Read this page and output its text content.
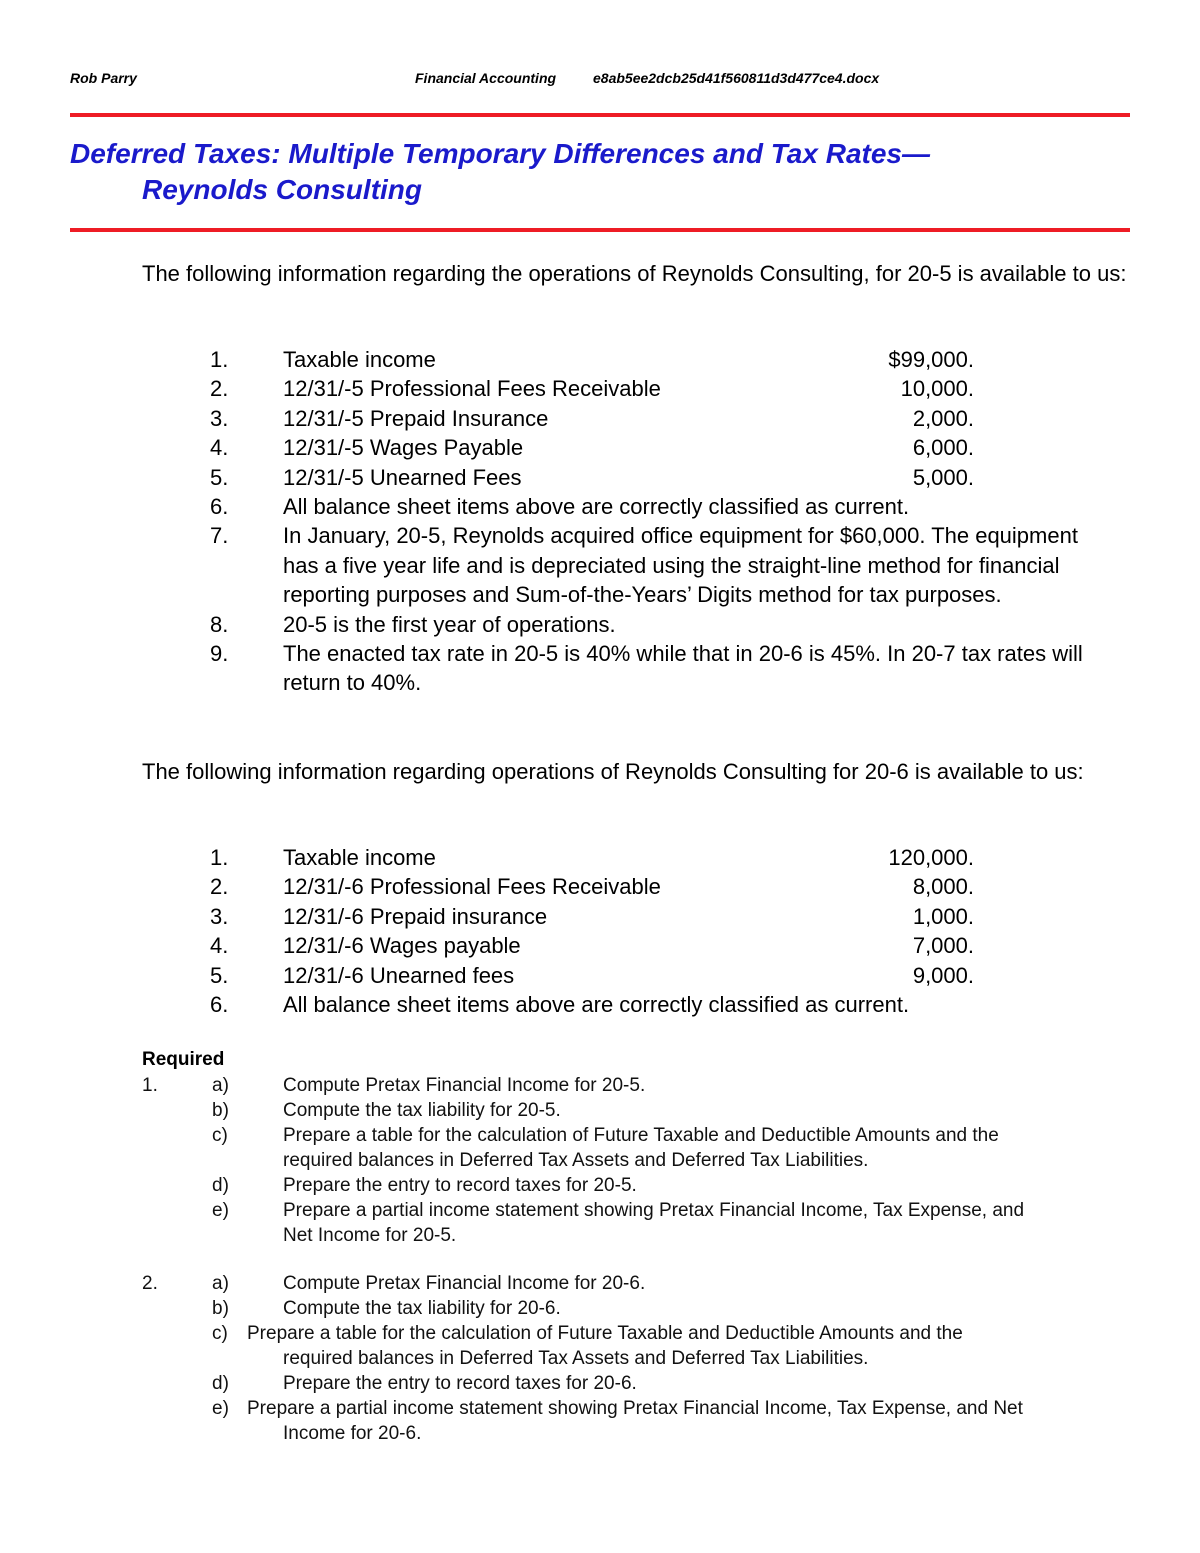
Rob Parry	Financial Accounting	e8ab5ee2dcb25d41f560811d3d477ce4.docx
Deferred Taxes: Multiple Temporary Differences and Tax Rates—
Reynolds Consulting
The following information regarding the operations of Reynolds Consulting, for 20-5 is available to us:
1.	Taxable income	$99,000.
2.	12/31/-5 Professional Fees Receivable	10,000.
3.	12/31/-5 Prepaid Insurance	2,000.
4.	12/31/-5 Wages Payable	6,000.
5.	12/31/-5 Unearned Fees	5,000.
6.	All balance sheet items above are correctly classified as current.
7.	In January, 20-5, Reynolds acquired office equipment for $60,000. The equipment has a five year life and is depreciated using the straight-line method for financial reporting purposes and Sum-of-the-Years’ Digits method for tax purposes.
8.	20-5 is the first year of operations.
9.	The enacted tax rate in 20-5 is 40% while that in 20-6 is 45%. In 20-7 tax rates will return to 40%.
The following information regarding operations of Reynolds Consulting for 20-6 is available to us:
1.	Taxable income	120,000.
2.	12/31/-6 Professional Fees Receivable	8,000.
3.	12/31/-6 Prepaid insurance	1,000.
4.	12/31/-6 Wages payable	7,000.
5.	12/31/-6 Unearned fees	9,000.
6.	All balance sheet items above are correctly classified as current.
Required
1.	a)	Compute Pretax Financial Income for 20-5.
b)	Compute the tax liability for 20-5.
c)	Prepare a table for the calculation of Future Taxable and Deductible Amounts and the
required balances in Deferred Tax Assets and Deferred Tax Liabilities.
d)	Prepare the entry to record taxes for 20-5.
e)	Prepare a partial income statement showing Pretax Financial Income, Tax Expense, and
Net Income for 20-5.
2.	a)	Compute Pretax Financial Income for 20-6.
b)	Compute the tax liability for 20-6.
c) Prepare a table for the calculation of Future Taxable and Deductible Amounts and the
required balances in Deferred Tax Assets and Deferred Tax Liabilities.
d)	Prepare the entry to record taxes for 20-6.
e) Prepare a partial income statement showing Pretax Financial Income, Tax Expense, and Net
Income for 20-6.
